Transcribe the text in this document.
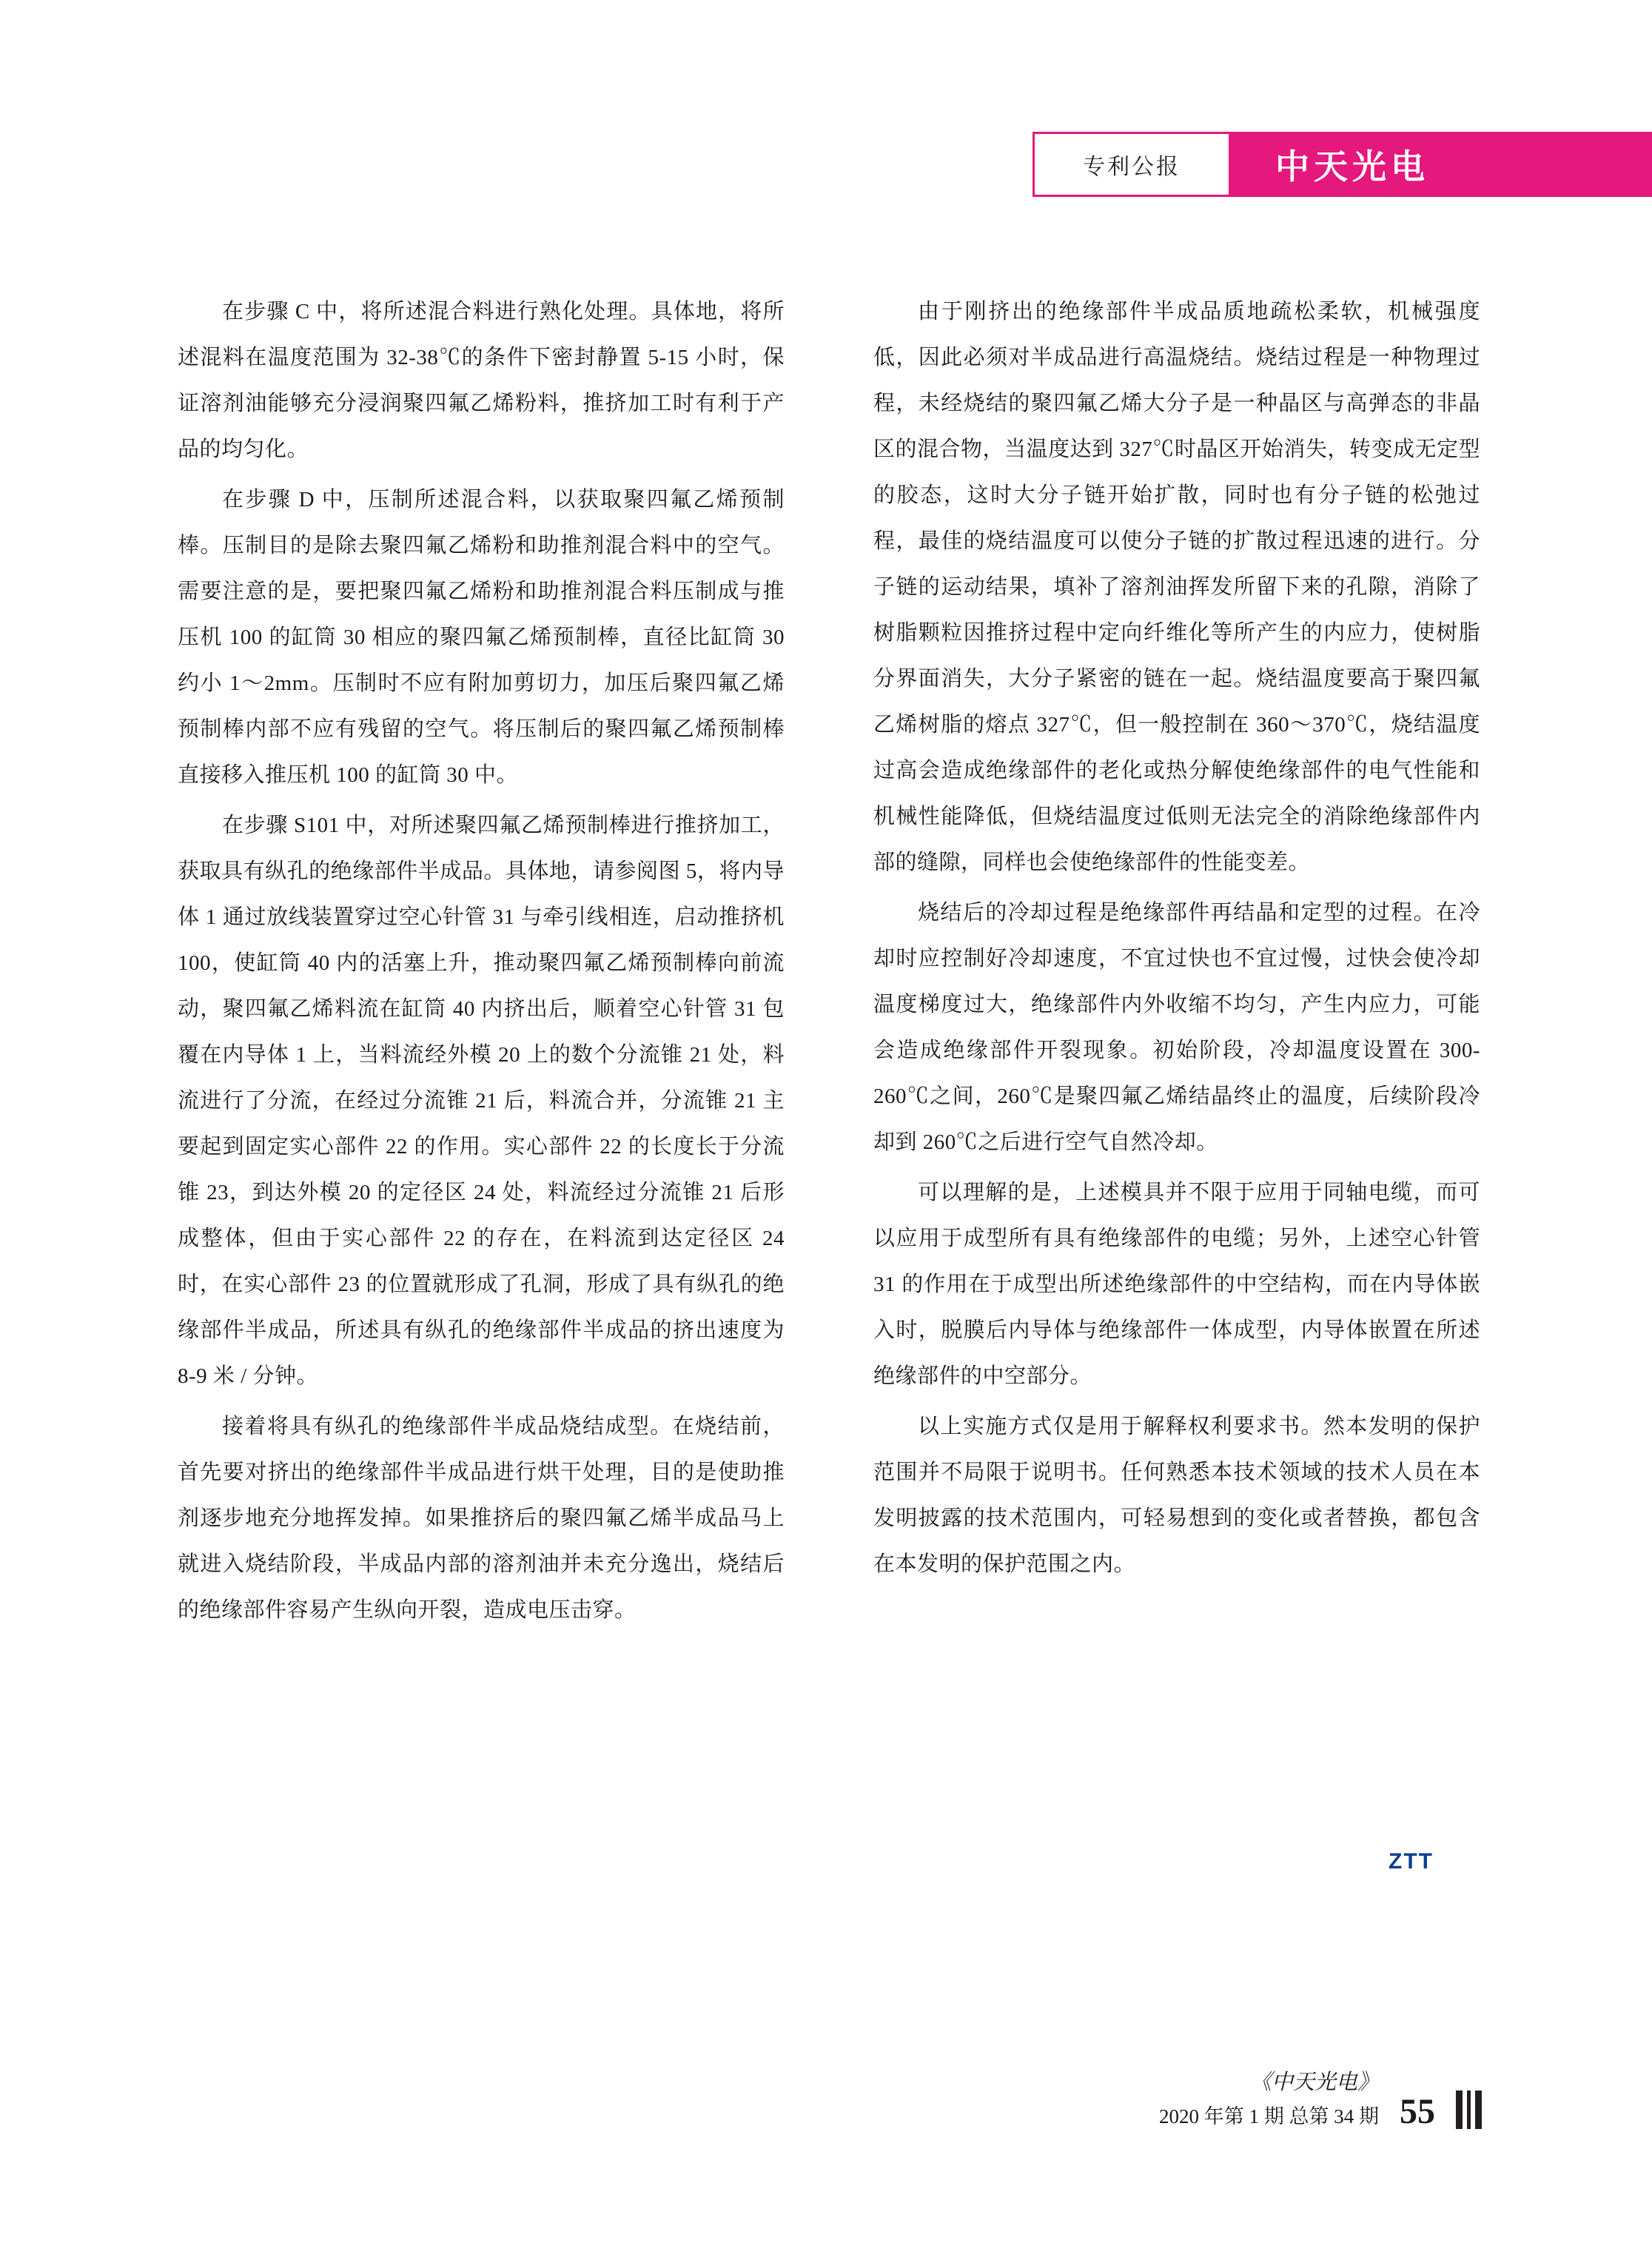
专利公报	中天光电

在步骤 C 中，将所述混合料进行熟化处理。具体地，将所述混料在温度范围为 32-38℃的条件下密封静置 5-15 小时，保证溶剂油能够充分浸润聚四氟乙烯粉料，推挤加工时有利于产品的均匀化。

在步骤 D 中，压制所述混合料，以获取聚四氟乙烯预制棒。压制目的是除去聚四氟乙烯粉和助推剂混合料中的空气。需要注意的是，要把聚四氟乙烯粉和助推剂混合料压制成与推压机 100 的缸筒 30 相应的聚四氟乙烯预制棒，直径比缸筒 30 约小 1～2mm。压制时不应有附加剪切力，加压后聚四氟乙烯预制棒内部不应有残留的空气。将压制后的聚四氟乙烯预制棒直接移入推压机 100 的缸筒 30 中。

在步骤 S101 中，对所述聚四氟乙烯预制棒进行推挤加工，获取具有纵孔的绝缘部件半成品。具体地，请参阅图 5，将内导体 1 通过放线装置穿过空心针管 31 与牵引线相连，启动推挤机 100，使缸筒 40 内的活塞上升，推动聚四氟乙烯预制棒向前流动，聚四氟乙烯料流在缸筒 40 内挤出后，顺着空心针管 31 包覆在内导体 1 上，当料流经外模 20 上的数个分流锥 21 处，料流进行了分流，在经过分流锥 21 后，料流合并，分流锥 21 主要起到固定实心部件 22 的作用。实心部件 22 的长度长于分流锥 23，到达外模 20 的定径区 24 处，料流经过分流锥 21 后形成整体，但由于实心部件 22 的存在，在料流到达定径区 24 时，在实心部件 23 的位置就形成了孔洞，形成了具有纵孔的绝缘部件半成品，所述具有纵孔的绝缘部件半成品的挤出速度为 8-9 米 / 分钟。

接着将具有纵孔的绝缘部件半成品烧结成型。在烧结前，首先要对挤出的绝缘部件半成品进行烘干处理，目的是使助推剂逐步地充分地挥发掉。如果推挤后的聚四氟乙烯半成品马上就进入烧结阶段，半成品内部的溶剂油并未充分逸出，烧结后的绝缘部件容易产生纵向开裂，造成电压击穿。

由于刚挤出的绝缘部件半成品质地疏松柔软，机械强度低，因此必须对半成品进行高温烧结。烧结过程是一种物理过程，未经烧结的聚四氟乙烯大分子是一种晶区与高弹态的非晶区的混合物，当温度达到 327℃时晶区开始消失，转变成无定型的胶态，这时大分子链开始扩散，同时也有分子链的松弛过程，最佳的烧结温度可以使分子链的扩散过程迅速的进行。分子链的运动结果，填补了溶剂油挥发所留下来的孔隙，消除了树脂颗粒因推挤过程中定向纤维化等所产生的内应力，使树脂分界面消失，大分子紧密的链在一起。烧结温度要高于聚四氟乙烯树脂的熔点 327℃，但一般控制在 360～370℃，烧结温度过高会造成绝缘部件的老化或热分解使绝缘部件的电气性能和机械性能降低，但烧结温度过低则无法完全的消除绝缘部件内部的缝隙，同样也会使绝缘部件的性能变差。

烧结后的冷却过程是绝缘部件再结晶和定型的过程。在冷却时应控制好冷却速度，不宜过快也不宜过慢，过快会使冷却温度梯度过大，绝缘部件内外收缩不均匀，产生内应力，可能会造成绝缘部件开裂现象。初始阶段，冷却温度设置在 300-260℃之间，260℃是聚四氟乙烯结晶终止的温度，后续阶段冷却到 260℃之后进行空气自然冷却。

可以理解的是，上述模具并不限于应用于同轴电缆，而可以应用于成型所有具有绝缘部件的电缆；另外，上述空心针管 31 的作用在于成型出所述绝缘部件的中空结构，而在内导体嵌入时，脱膜后内导体与绝缘部件一体成型，内导体嵌置在所述绝缘部件的中空部分。

以上实施方式仅是用于解释权利要求书。然本发明的保护范围并不局限于说明书。任何熟悉本技术领域的技术人员在本发明披露的技术范围内，可轻易想到的变化或者替换，都包含在本发明的保护范围之内。

ZTT
《中天光电》
2020 年第 1 期 总第 34 期 55
